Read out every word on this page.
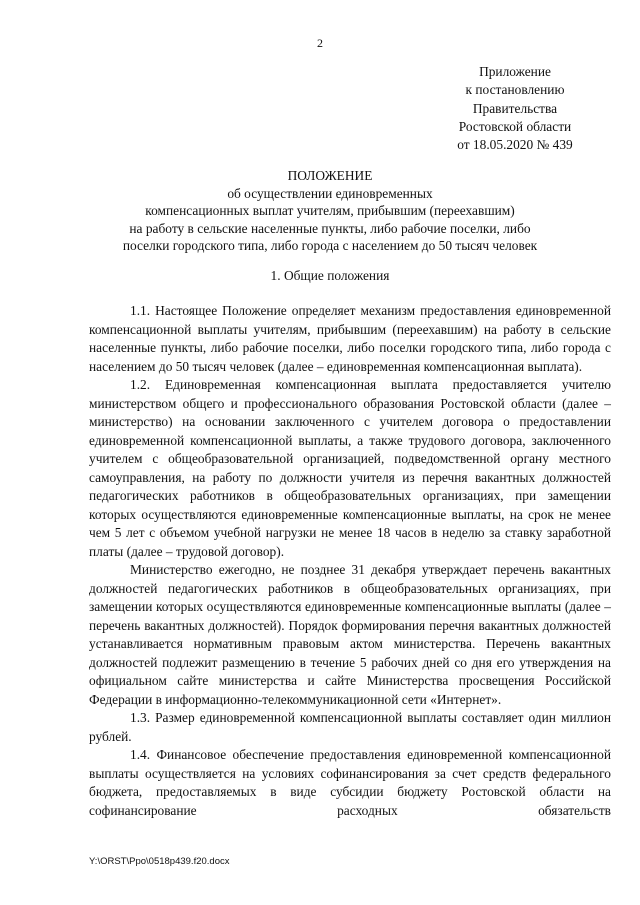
2
Приложение
к постановлению
Правительства
Ростовской области
от 18.05.2020 № 439
ПОЛОЖЕНИЕ
об осуществлении единовременных
компенсационных выплат учителям, прибывшим (переехавшим)
на работу в сельские населенные пункты, либо рабочие поселки, либо
поселки городского типа, либо города с населением до 50 тысяч человек
1. Общие положения

1.1. Настоящее Положение определяет механизм предоставления единовременной компенсационной выплаты учителям, прибывшим (переехавшим) на работу в сельские населенные пункты, либо рабочие поселки, либо поселки городского типа, либо города с населением до 50 тысяч человек (далее – единовременная компенсационная выплата).

1.2. Единовременная компенсационная выплата предоставляется учителю министерством общего и профессионального образования Ростовской области (далее – министерство) на основании заключенного с учителем договора о предоставлении единовременной компенсационной выплаты, а также трудового договора, заключенного учителем с общеобразовательной организацией, подведомственной органу местного самоуправления, на работу по должности учителя из перечня вакантных должностей педагогических работников в общеобразовательных организациях, при замещении которых осуществляются единовременные компенсационные выплаты, на срок не менее чем 5 лет с объемом учебной нагрузки не менее 18 часов в неделю за ставку заработной платы (далее – трудовой договор).

Министерство ежегодно, не позднее 31 декабря утверждает перечень вакантных должностей педагогических работников в общеобразовательных организациях, при замещении которых осуществляются единовременные компенсационные выплаты (далее – перечень вакантных должностей). Порядок формирования перечня вакантных должностей устанавливается нормативным правовым актом министерства. Перечень вакантных должностей подлежит размещению в течение 5 рабочих дней со дня его утверждения на официальном сайте министерства и сайте Министерства просвещения Российской Федерации в информационно-телекоммуникационной сети «Интернет».

1.3. Размер единовременной компенсационной выплаты составляет один миллион рублей.

1.4. Финансовое обеспечение предоставления единовременной компенсационной выплаты осуществляется на условиях софинансирования за счет средств федерального бюджета, предоставляемых в виде субсидии бюджету Ростовской области на софинансирование расходных обязательств

Y:\ORST\Ppo\0518p439.f20.docx
